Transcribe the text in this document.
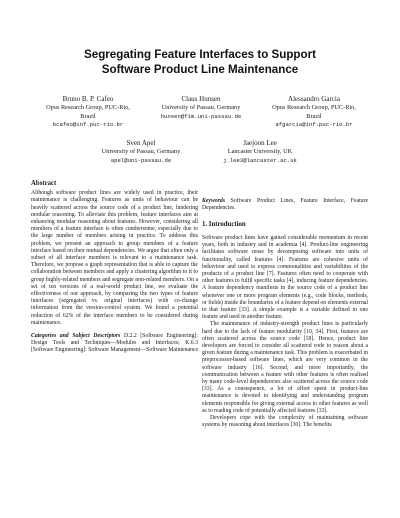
Segregating Feature Interfaces to Support
Software Product Line Maintenance
Bruno B. P. Cafeo
Opus Research Group, PUC-Rio,
Brazil
bcafeo@inf.puc-rio.br
Claus Hunsen
University of Passau, Germany
hunsen@fim.uni-passau.de
Alessandro Garcia
Opus Research Group, PUC-Rio,
Brazil
afgarcia@inf.puc-rio.br
Sven Apel
University of Passau, Germany
apel@uni-passau.de
Jaejoon Lee
Lancaster University, UK
j.lee3@lancaster.ac.uk
Abstract

Although software product lines are widely used in practice, their maintenance is challenging. Features as units of behaviour can be heavily scattered across the source code of a product line, hindering modular reasoning. To alleviate this problem, feature interfaces aim at enhancing modular reasoning about features. However, considering all members of a feature interface is often cumbersome, especially due to the large number of members arising in practice. To address this problem, we present an approach to group members of a feature interface based on their mutual dependencies. We argue that often only a subset of all interface members is relevant to a maintenance task. Therefore, we propose a graph representation that is able to capture the collaboration between members and apply a clustering algorithm to it to group highly-related members and segregate non-related members. On a set of ten versions of a real-world product line, we evaluate the effectiveness of our approach, by comparing the two types of feature interfaces (segregated vs. original interfaces) with co-change information from the version-control system. We found a potential reduction of 62% of the interface members to be considered during maintenance.

Categories and Subject Descriptors D.2.2 [Software Engineering]: Design Tools and Techniques—Modules and Interfaces; K.6.3 [Software Engineering]: Software Management—Software Maintenance

Keywords Software Product Lines, Feature Interface, Feature Dependencies.
1. Introduction

Software product lines have gained considerable momentum in recent years, both in industry and in academia [4]. Product-line engineering facilitates software reuse by decomposing software into units of functionality, called features [4]. Features are cohesive units of behaviour and used to express commonalities and variabilities of the products of a product line [7]. Features often need to cooperate with other features to fulfil specific tasks [4], inducing feature dependencies. A feature dependency manifests in the source code of a product line whenever one or more program elements (e.g., code blocks, methods, or fields) inside the boundaries of a feature depend on elements external to that feature [33]. A simple example is a variable defined in one feature and used in another feature.

The maintenance of industry-strength product lines is particularly hard due to the lack of feature modularity [10, 34]. First, features are often scattered across the source code [18]. Hence, product line developers are forced to consider all scattered code to reason about a given feature during a maintenance task. This problem is exacerbated in preprocessor-based software lines, which are very common in the software industry [16]. Second, and more importantly, the communication between a feature with other features is often realised by many code-level dependencies also scattered across the source code [33]. As a consequence, a lot of effort spent in product-line maintenance is devoted to identifying and understanding program elements responsible for giving external access to other features as well as to reading code of potentially affected features [33].

Developers cope with the complexity of maintaining software systems by reasoning about interfaces [30]. The benefits
